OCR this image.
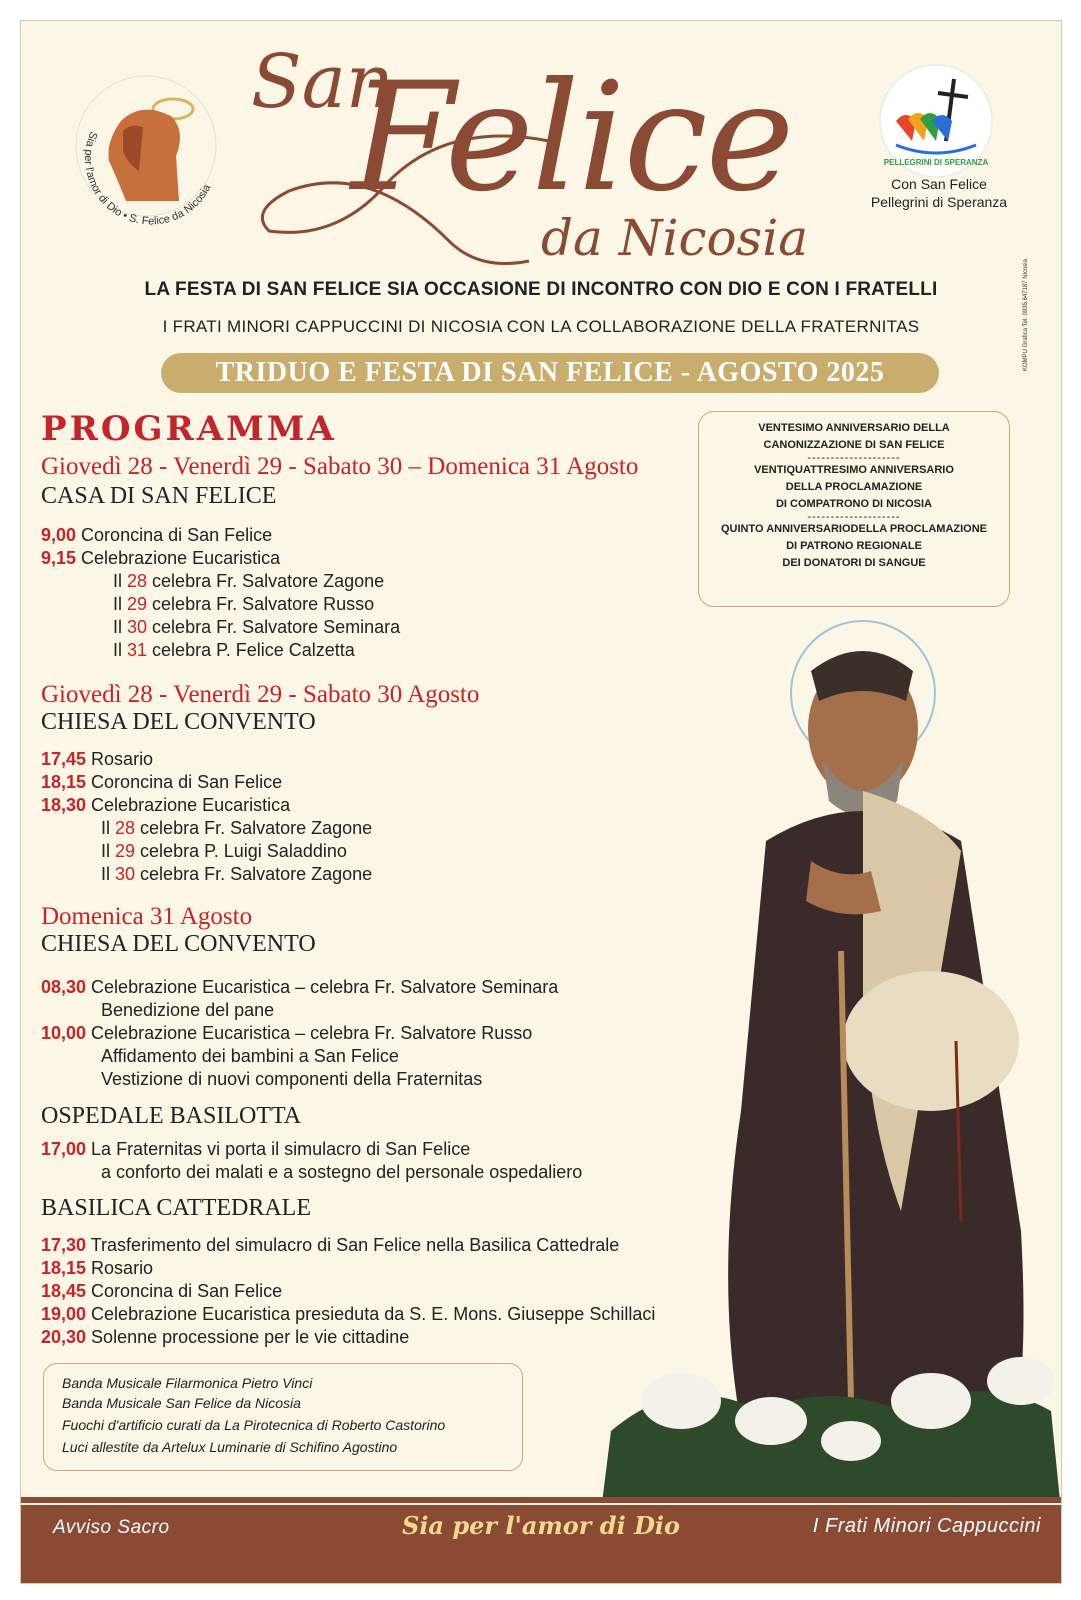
Sia per l'amor di Dio • S. Felice da Nicosia
San
Felice
da Nicosia
PELLEGRINI DI SPERANZA
Con San Felice
Pellegrini di Speranza
KOMPU Grafica Tel. 0935.647187 Nicosia
LA FESTA DI SAN FELICE SIA OCCASIONE DI INCONTRO CON DIO E CON I FRATELLI
I FRATI MINORI CAPPUCCINI DI NICOSIA CON LA COLLABORAZIONE DELLA FRATERNITAS
TRIDUO E FESTA DI SAN FELICE - AGOSTO 2025
PROGRAMMA	VENTESIMO ANNIVERSARIO DELLA
CANONIZZAZIONE DI SAN FELICE
--------------------
VENTIQUATTRESIMO ANNIVERSARIO
DELLA PROCLAMAZIONE
DI COMPATRONO DI NICOSIA
--------------------
QUINTO ANNIVERSARIODELLA PROCLAMAZIONE
DI PATRONO REGIONALE
DEI DONATORI DI SANGUE
Giovedì 28 - Venerdì 29 - Sabato 30 – Domenica 31 Agosto
CASA DI SAN FELICE
9,00 Coroncina di San Felice
9,15 Celebrazione Eucaristica
Il 28 celebra Fr. Salvatore Zagone
Il 29 celebra Fr. Salvatore Russo
Il 30 celebra Fr. Salvatore Seminara
Il 31 celebra P. Felice Calzetta
Giovedì 28 - Venerdì 29 - Sabato 30 Agosto
CHIESA DEL CONVENTO
17,45 Rosario
18,15 Coroncina di San Felice
18,30 Celebrazione Eucaristica
Il 28 celebra Fr. Salvatore Zagone
Il 29 celebra P. Luigi Saladdino
Il 30 celebra Fr. Salvatore Zagone
Domenica 31 Agosto
CHIESA DEL CONVENTO
08,30 Celebrazione Eucaristica – celebra Fr. Salvatore Seminara
Benedizione del pane
10,00 Celebrazione Eucaristica – celebra Fr. Salvatore Russo
Affidamento dei bambini a San Felice
Vestizione di nuovi componenti della Fraternitas
OSPEDALE BASILOTTA
17,00 La Fraternitas vi porta il simulacro di San Felice
a conforto dei malati e a sostegno del personale ospedaliero
BASILICA CATTEDRALE
17,30 Trasferimento del simulacro di San Felice nella Basilica Cattedrale
18,15 Rosario
18,45 Coroncina di San Felice
19,00 Celebrazione Eucaristica presieduta da S. E. Mons. Giuseppe Schillaci
20,30 Solenne processione per le vie cittadine
Banda Musicale Filarmonica Pietro Vinci
Banda Musicale San Felice da Nicosia
Fuochi d'artificio curati da La Pirotecnica di Roberto Castorino
Luci allestite da Artelux Luminarie di Schifino Agostino
Avviso Sacro	Sia per l'amor di Dio	I Frati Minori Cappuccini
